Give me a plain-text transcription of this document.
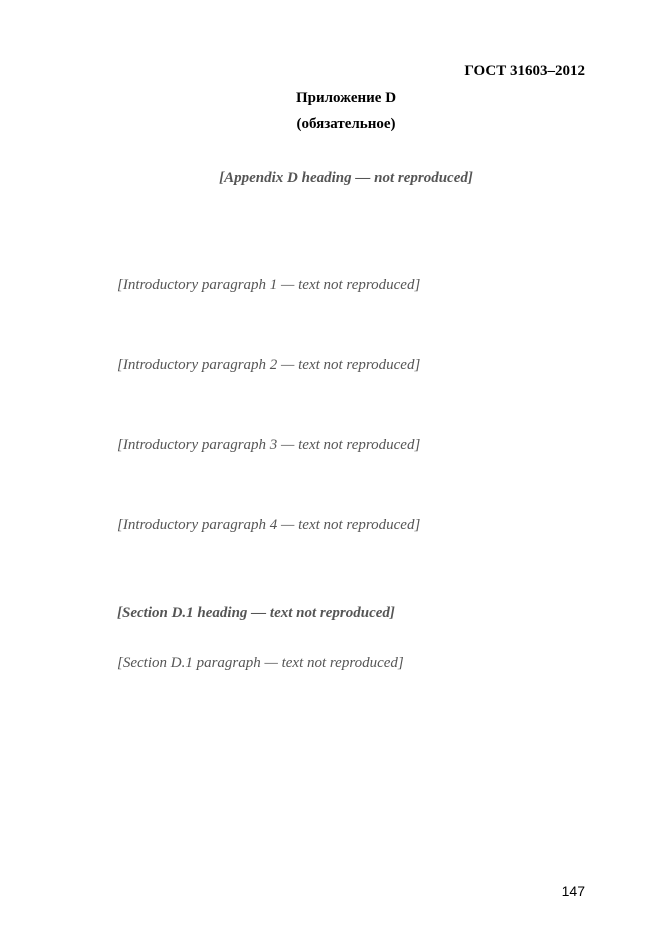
ГОСТ 31603–2012
Приложение D
(обязательное)
[Appendix D heading — not reproduced]
[Introductory paragraph 1 — text not reproduced]
[Introductory paragraph 2 — text not reproduced]
[Introductory paragraph 3 — text not reproduced]
[Introductory paragraph 4 — text not reproduced]
[Section D.1 heading — text not reproduced]
[Section D.1 paragraph — text not reproduced]
147
